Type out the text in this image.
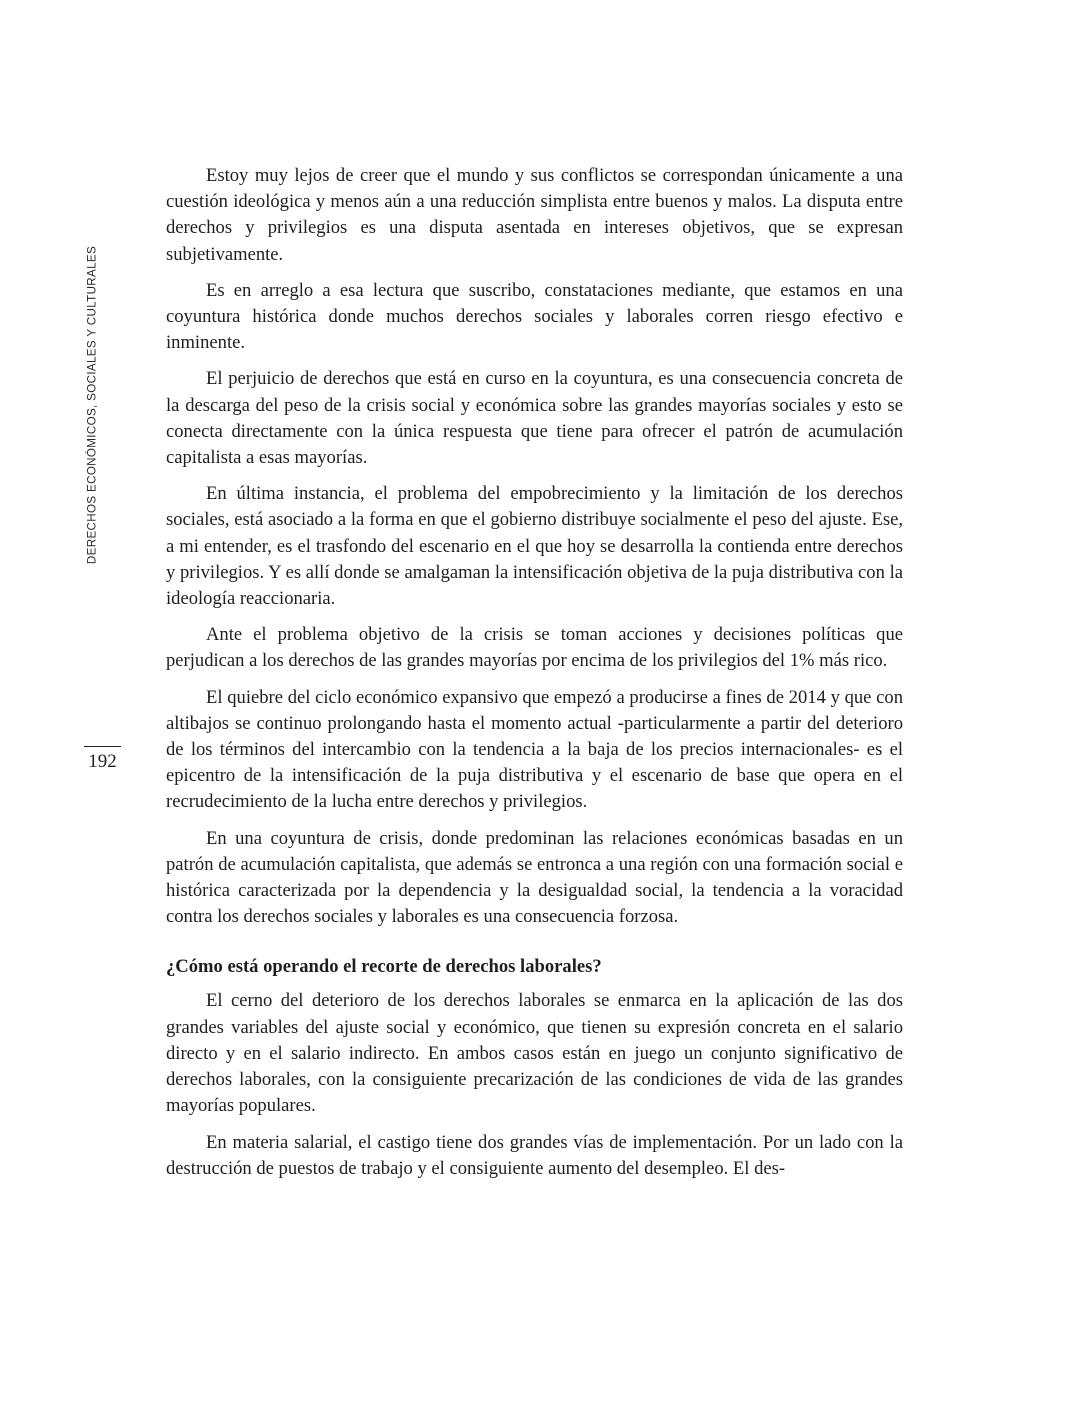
DERECHOS ECONÓMICOS, SOCIALES Y CULTURALES
192

Estoy muy lejos de creer que el mundo y sus conflictos se correspondan únicamente a una cuestión ideológica y menos aún a una reducción simplista entre buenos y malos. La disputa entre derechos y privilegios es una disputa asentada en intereses objetivos, que se expresan subjetivamente.

Es en arreglo a esa lectura que suscribo, constataciones mediante, que estamos en una coyuntura histórica donde muchos derechos sociales y laborales corren riesgo efectivo e inminente.

El perjuicio de derechos que está en curso en la coyuntura, es una consecuencia concreta de la descarga del peso de la crisis social y económica sobre las grandes mayorías sociales y esto se conecta directamente con la única respuesta que tiene para ofrecer el patrón de acumulación capitalista a esas mayorías.

En última instancia, el problema del empobrecimiento y la limitación de los derechos sociales, está asociado a la forma en que el gobierno distribuye socialmente el peso del ajuste. Ese, a mi entender, es el trasfondo del escenario en el que hoy se desarrolla la contienda entre derechos y privilegios. Y es allí donde se amalgaman la intensificación objetiva de la puja distributiva con la ideología reaccionaria.

Ante el problema objetivo de la crisis se toman acciones y decisiones políticas que perjudican a los derechos de las grandes mayorías por encima de los privilegios del 1% más rico.

El quiebre del ciclo económico expansivo que empezó a producirse a fines de 2014 y que con altibajos se continuo prolongando hasta el momento actual -particularmente a partir del deterioro de los términos del intercambio con la tendencia a la baja de los precios internacionales- es el epicentro de la intensificación de la puja distributiva y el escenario de base que opera en el recrudecimiento de la lucha entre derechos y privilegios.

En una coyuntura de crisis, donde predominan las relaciones económicas basadas en un patrón de acumulación capitalista, que además se entronca a una región con una formación social e histórica caracterizada por la dependencia y la desigualdad social, la tendencia a la voracidad contra los derechos sociales y laborales es una consecuencia forzosa.

¿Cómo está operando el recorte de derechos laborales?

El cerno del deterioro de los derechos laborales se enmarca en la aplicación de las dos grandes variables del ajuste social y económico, que tienen su expresión concreta en el salario directo y en el salario indirecto. En ambos casos están en juego un conjunto significativo de derechos laborales, con la consiguiente precarización de las condiciones de vida de las grandes mayorías populares.

En materia salarial, el castigo tiene dos grandes vías de implementación. Por un lado con la destrucción de puestos de trabajo y el consiguiente aumento del desempleo. El des-
